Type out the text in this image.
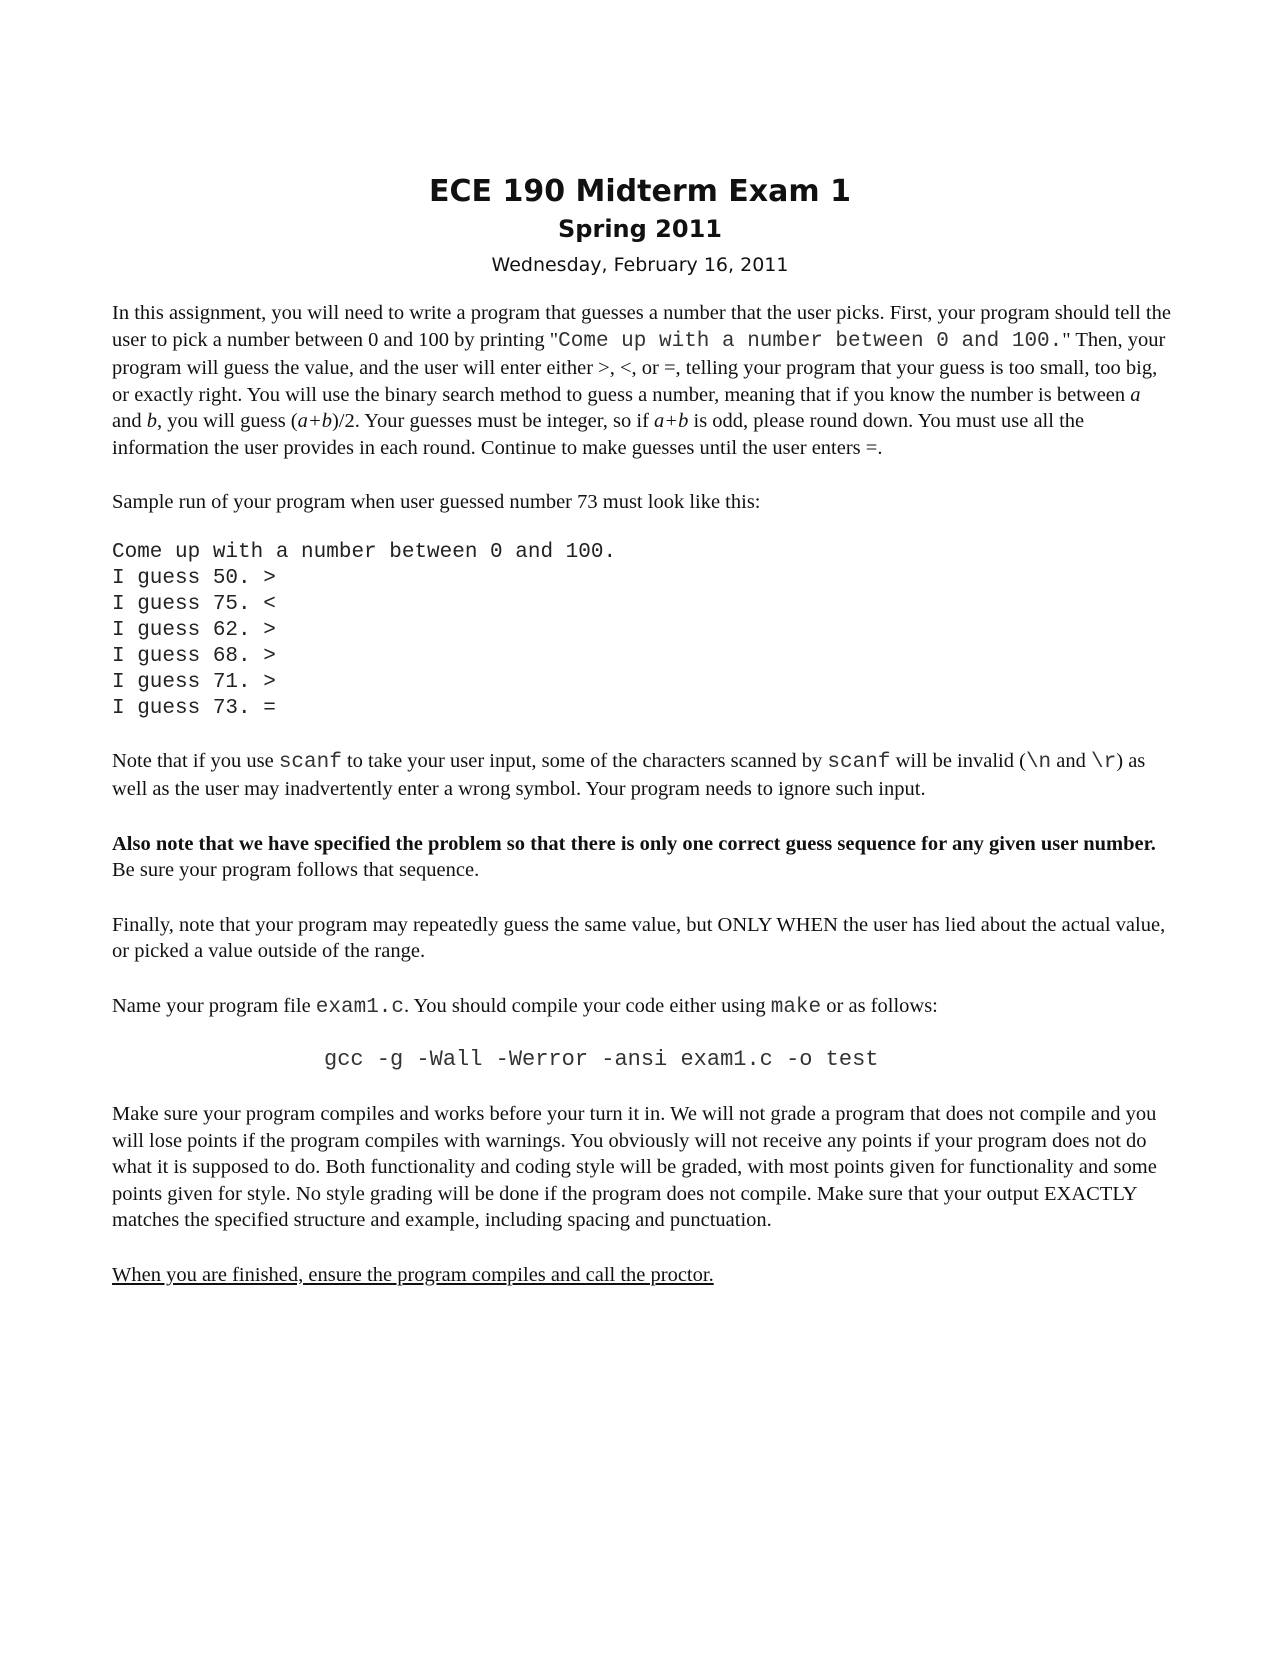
ECE 190 Midterm Exam 1
Spring 2011
Wednesday, February 16, 2011

In this assignment, you will need to write a program that guesses a number that the user picks. First, your program should tell the user to pick a number between 0 and 100 by printing "Come up with a number between 0 and 100." Then, your program will guess the value, and the user will enter either >, <, or =, telling your program that your guess is too small, too big, or exactly right. You will use the binary search method to guess a number, meaning that if you know the number is between a and b, you will guess (a+b)/2. Your guesses must be integer, so if a+b is odd, please round down. You must use all the information the user provides in each round. Continue to make guesses until the user enters =.

Sample run of your program when user guessed number 73 must look like this:

Come up with a number between 0 and 100.
I guess 50. >
I guess 75. <
I guess 62. >
I guess 68. >
I guess 71. >
I guess 73. =

Note that if you use scanf to take your user input, some of the characters scanned by scanf will be invalid (\n and \r) as well as the user may inadvertently enter a wrong symbol. Your program needs to ignore such input.

Also note that we have specified the problem so that there is only one correct guess sequence for any given user number. Be sure your program follows that sequence.

Finally, note that your program may repeatedly guess the same value, but ONLY WHEN the user has lied about the actual value, or picked a value outside of the range.

Name your program file exam1.c. You should compile your code either using make or as follows:

gcc -g -Wall -Werror -ansi exam1.c -o test

Make sure your program compiles and works before your turn it in. We will not grade a program that does not compile and you will lose points if the program compiles with warnings. You obviously will not receive any points if your program does not do what it is supposed to do. Both functionality and coding style will be graded, with most points given for functionality and some points given for style. No style grading will be done if the program does not compile. Make sure that your output EXACTLY matches the specified structure and example, including spacing and punctuation.

When you are finished, ensure the program compiles and call the proctor.
